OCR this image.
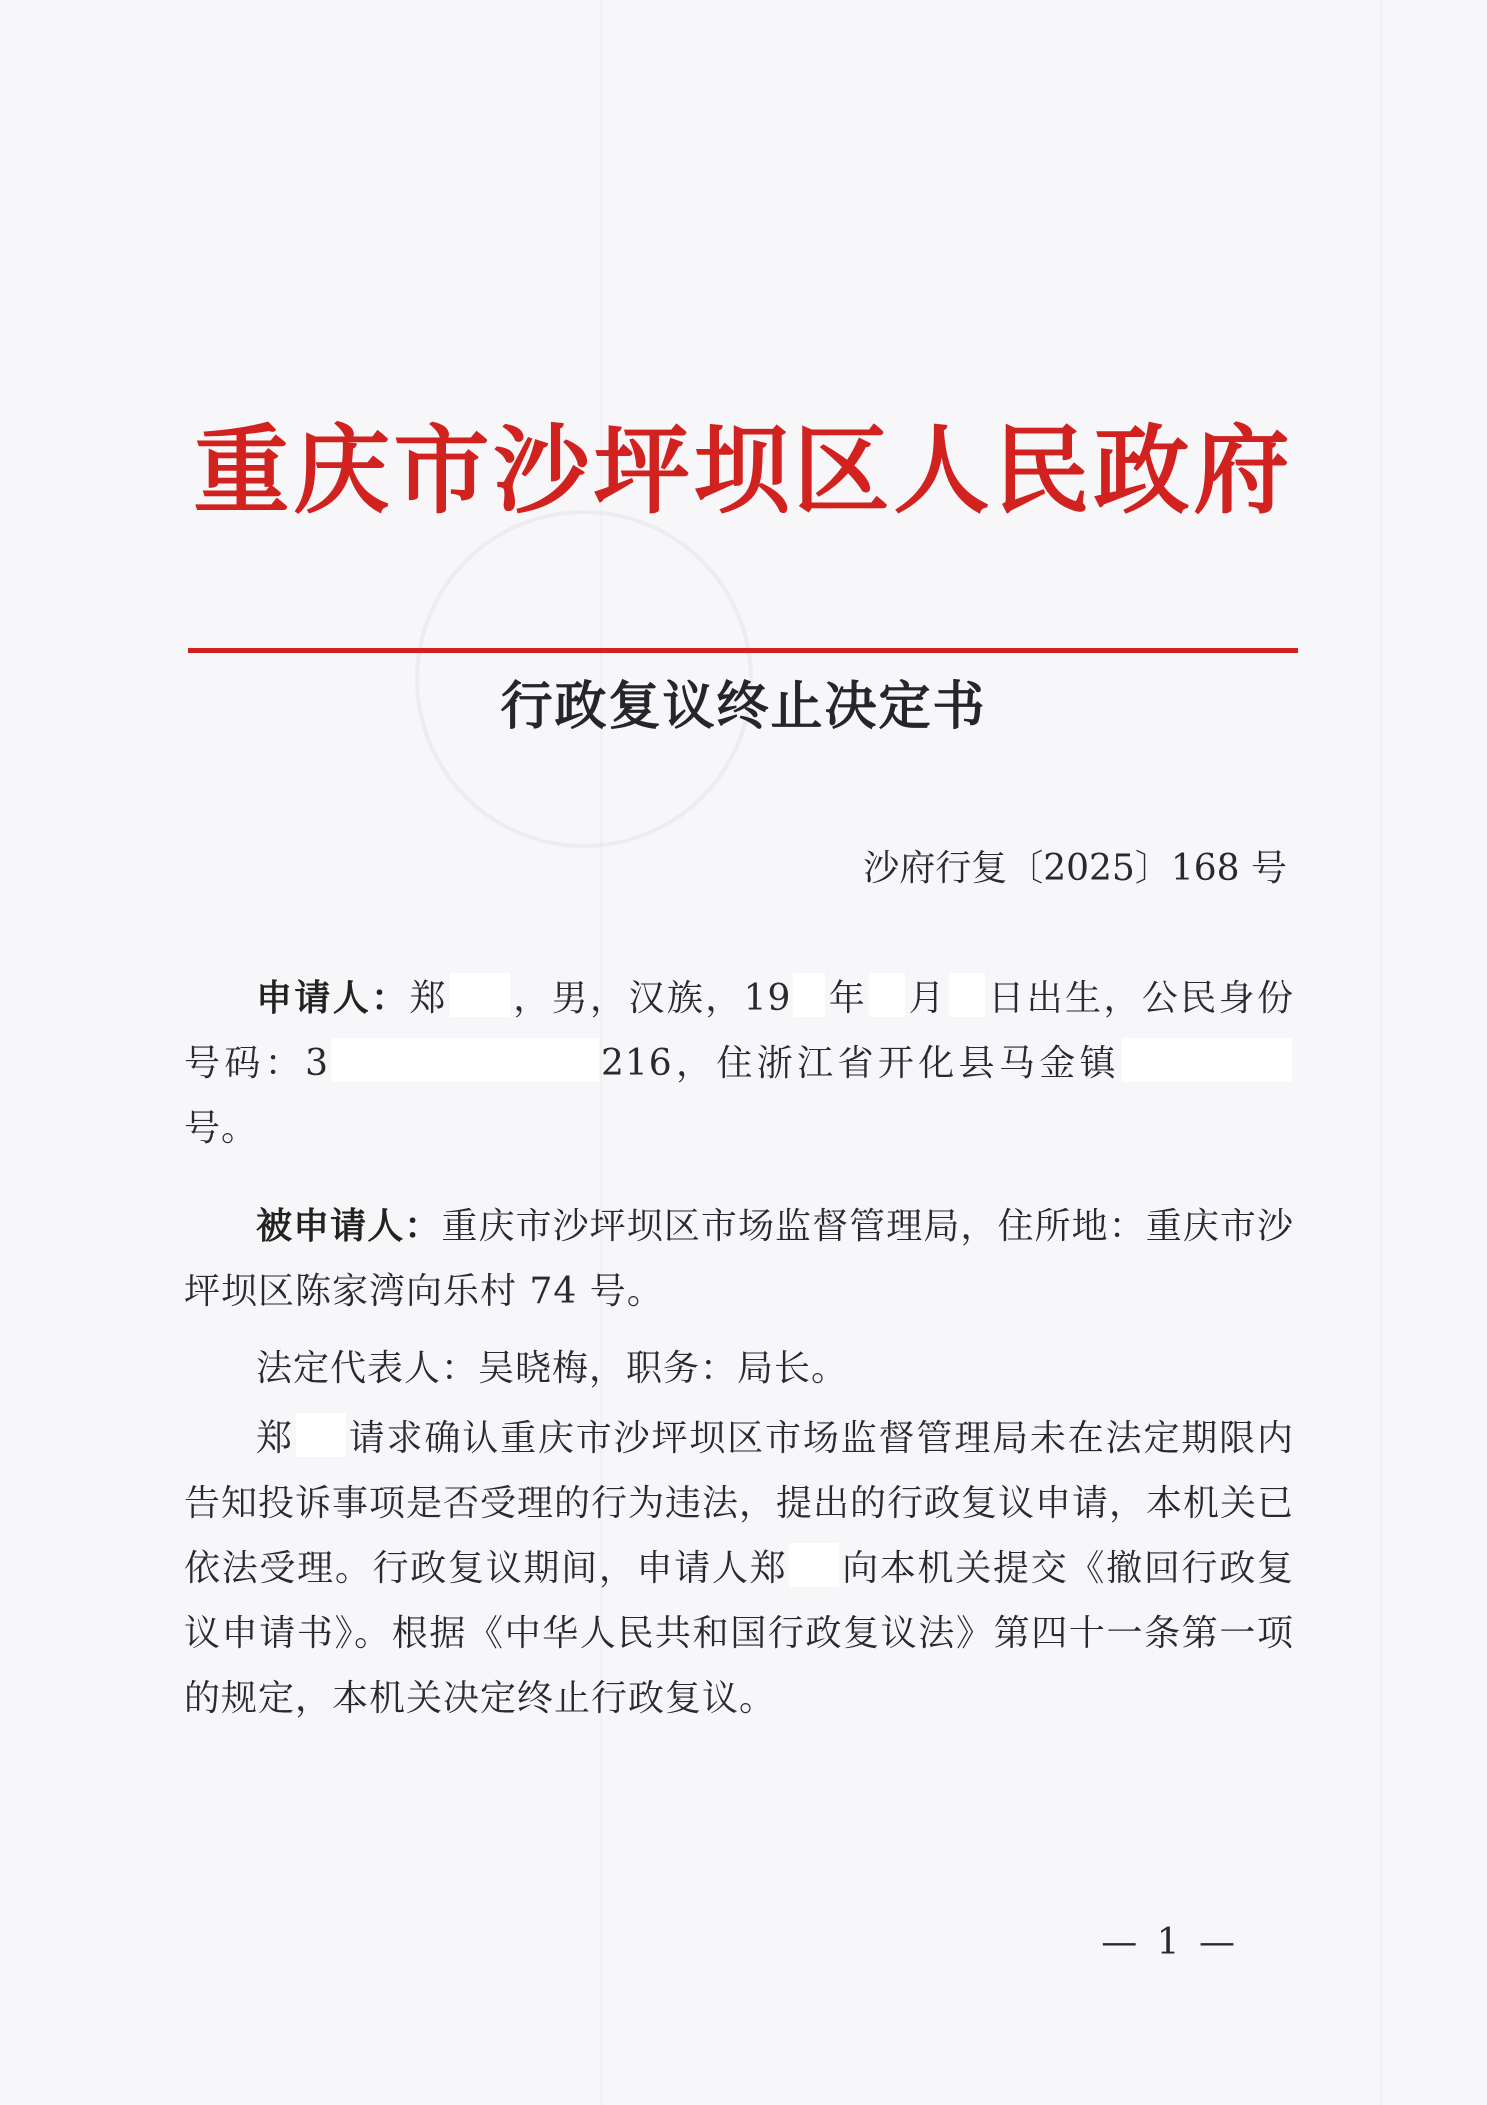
重庆市沙坪坝区人民政府
行政复议终止决定书
沙府行复〔2025〕168 号
申请人：郑 ，男，汉族，19 年 月 日出生，公民身份号码：3	216，住浙江省开化县马金镇号。
被申请人：重庆市沙坪坝区市场监督管理局，住所地：重庆市沙坪坝区陈家湾向乐村 74 号。
法定代表人：吴晓梅，职务：局长。
郑 请求确认重庆市沙坪坝区市场监督管理局未在法定期限内告知投诉事项是否受理的行为违法，提出的行政复议申请，本机关已依法受理。行政复议期间，申请人郑 向本机关提交《撤回行政复议申请书》。根据《中华人民共和国行政复议法》第四十一条第一项的规定，本机关决定终止行政复议。
— 1 —
